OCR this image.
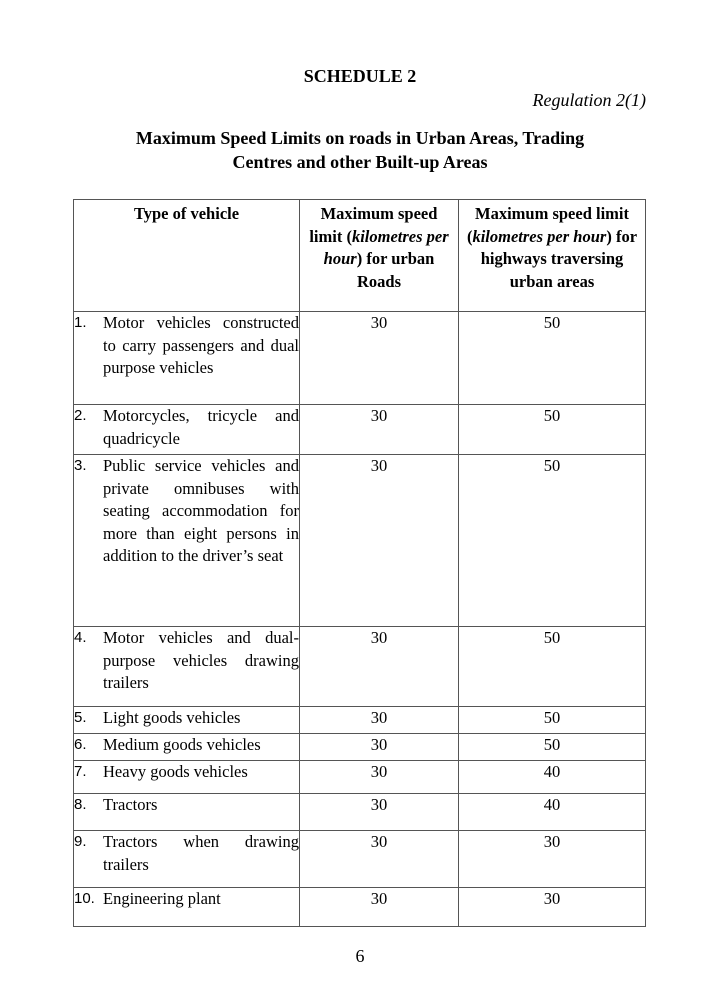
SCHEDULE 2
Regulation 2(1)
Maximum Speed Limits on roads in Urban Areas, Trading
Centres and other Built-up Areas
Type of vehicle	Maximum speed limit (kilometres per hour) for urban Roads	Maximum speed limit (kilometres per hour) for highways traversing urban areas

1. Motor vehicles constructed to carry passengers and dual purpose vehicles	30	50

2. Motorcycles, tricycle and quadricycle	30	50

3. Public service vehicles and private omnibuses with seating accommodation for more than eight persons in addition to the driver’s seat	30	50

4. Motor vehicles and dual-purpose vehicles drawing trailers	30	50

5. Light goods vehicles	30	50

6. Medium goods vehicles	30	50

7. Heavy goods vehicles	30	40

8. Tractors	30	40

9. Tractors when drawing trailers	30	30

10. Engineering plant	30	30
6
